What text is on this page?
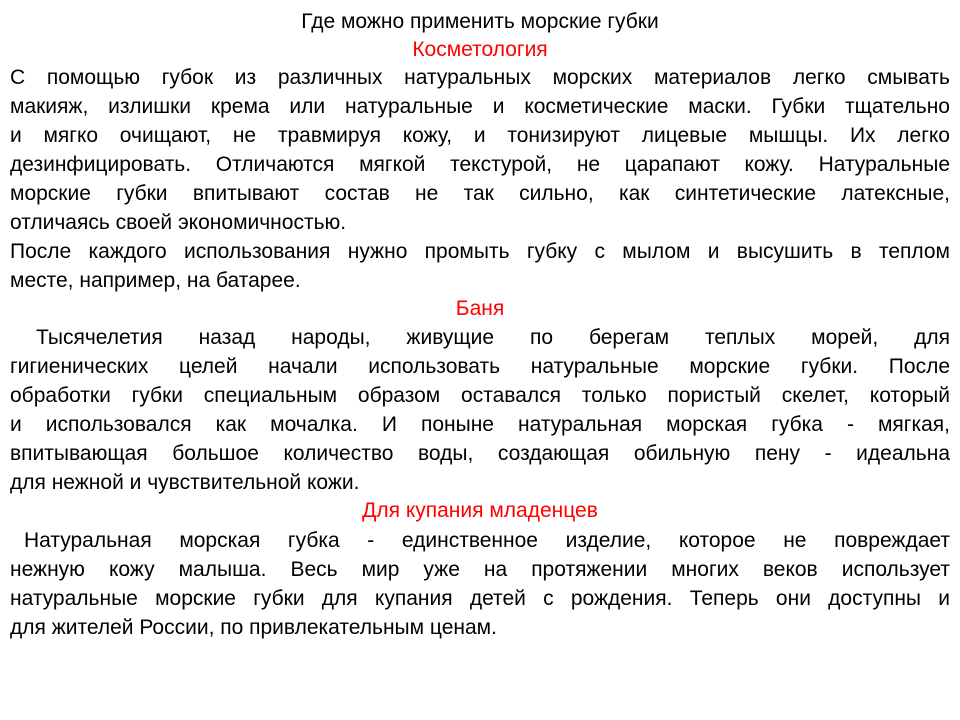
Где можно применить морские губки
Косметология
С помощью губок из различных натуральных морских материалов легко смывать
макияж, излишки крема или натуральные и косметические маски. Губки тщательно
и мягко очищают, не травмируя кожу, и тонизируют лицевые мышцы. Их легко
дезинфицировать. Отличаются мягкой текстурой, не царапают кожу. Натуральные
морские губки впитывают состав не так сильно, как синтетические латексные,
отличаясь своей экономичностью.
После каждого использования нужно промыть губку с мылом и высушить в теплом
месте, например, на батарее.
Баня
Тысячелетия назад народы, живущие по берегам теплых морей, для
гигиенических целей начали использовать натуральные морские губки. После
обработки губки специальным образом оставался только пористый скелет, который
и использовался как мочалка. И поныне натуральная морская губка - мягкая,
впитывающая большое количество воды, создающая обильную пену - идеальна
для нежной и чувствительной кожи.
Для купания младенцев
Натуральная морская губка - единственное изделие, которое не повреждает
нежную кожу малыша. Весь мир уже на протяжении многих веков использует
натуральные морские губки для купания детей с рождения. Теперь они доступны и
для жителей России, по привлекательным ценам.
